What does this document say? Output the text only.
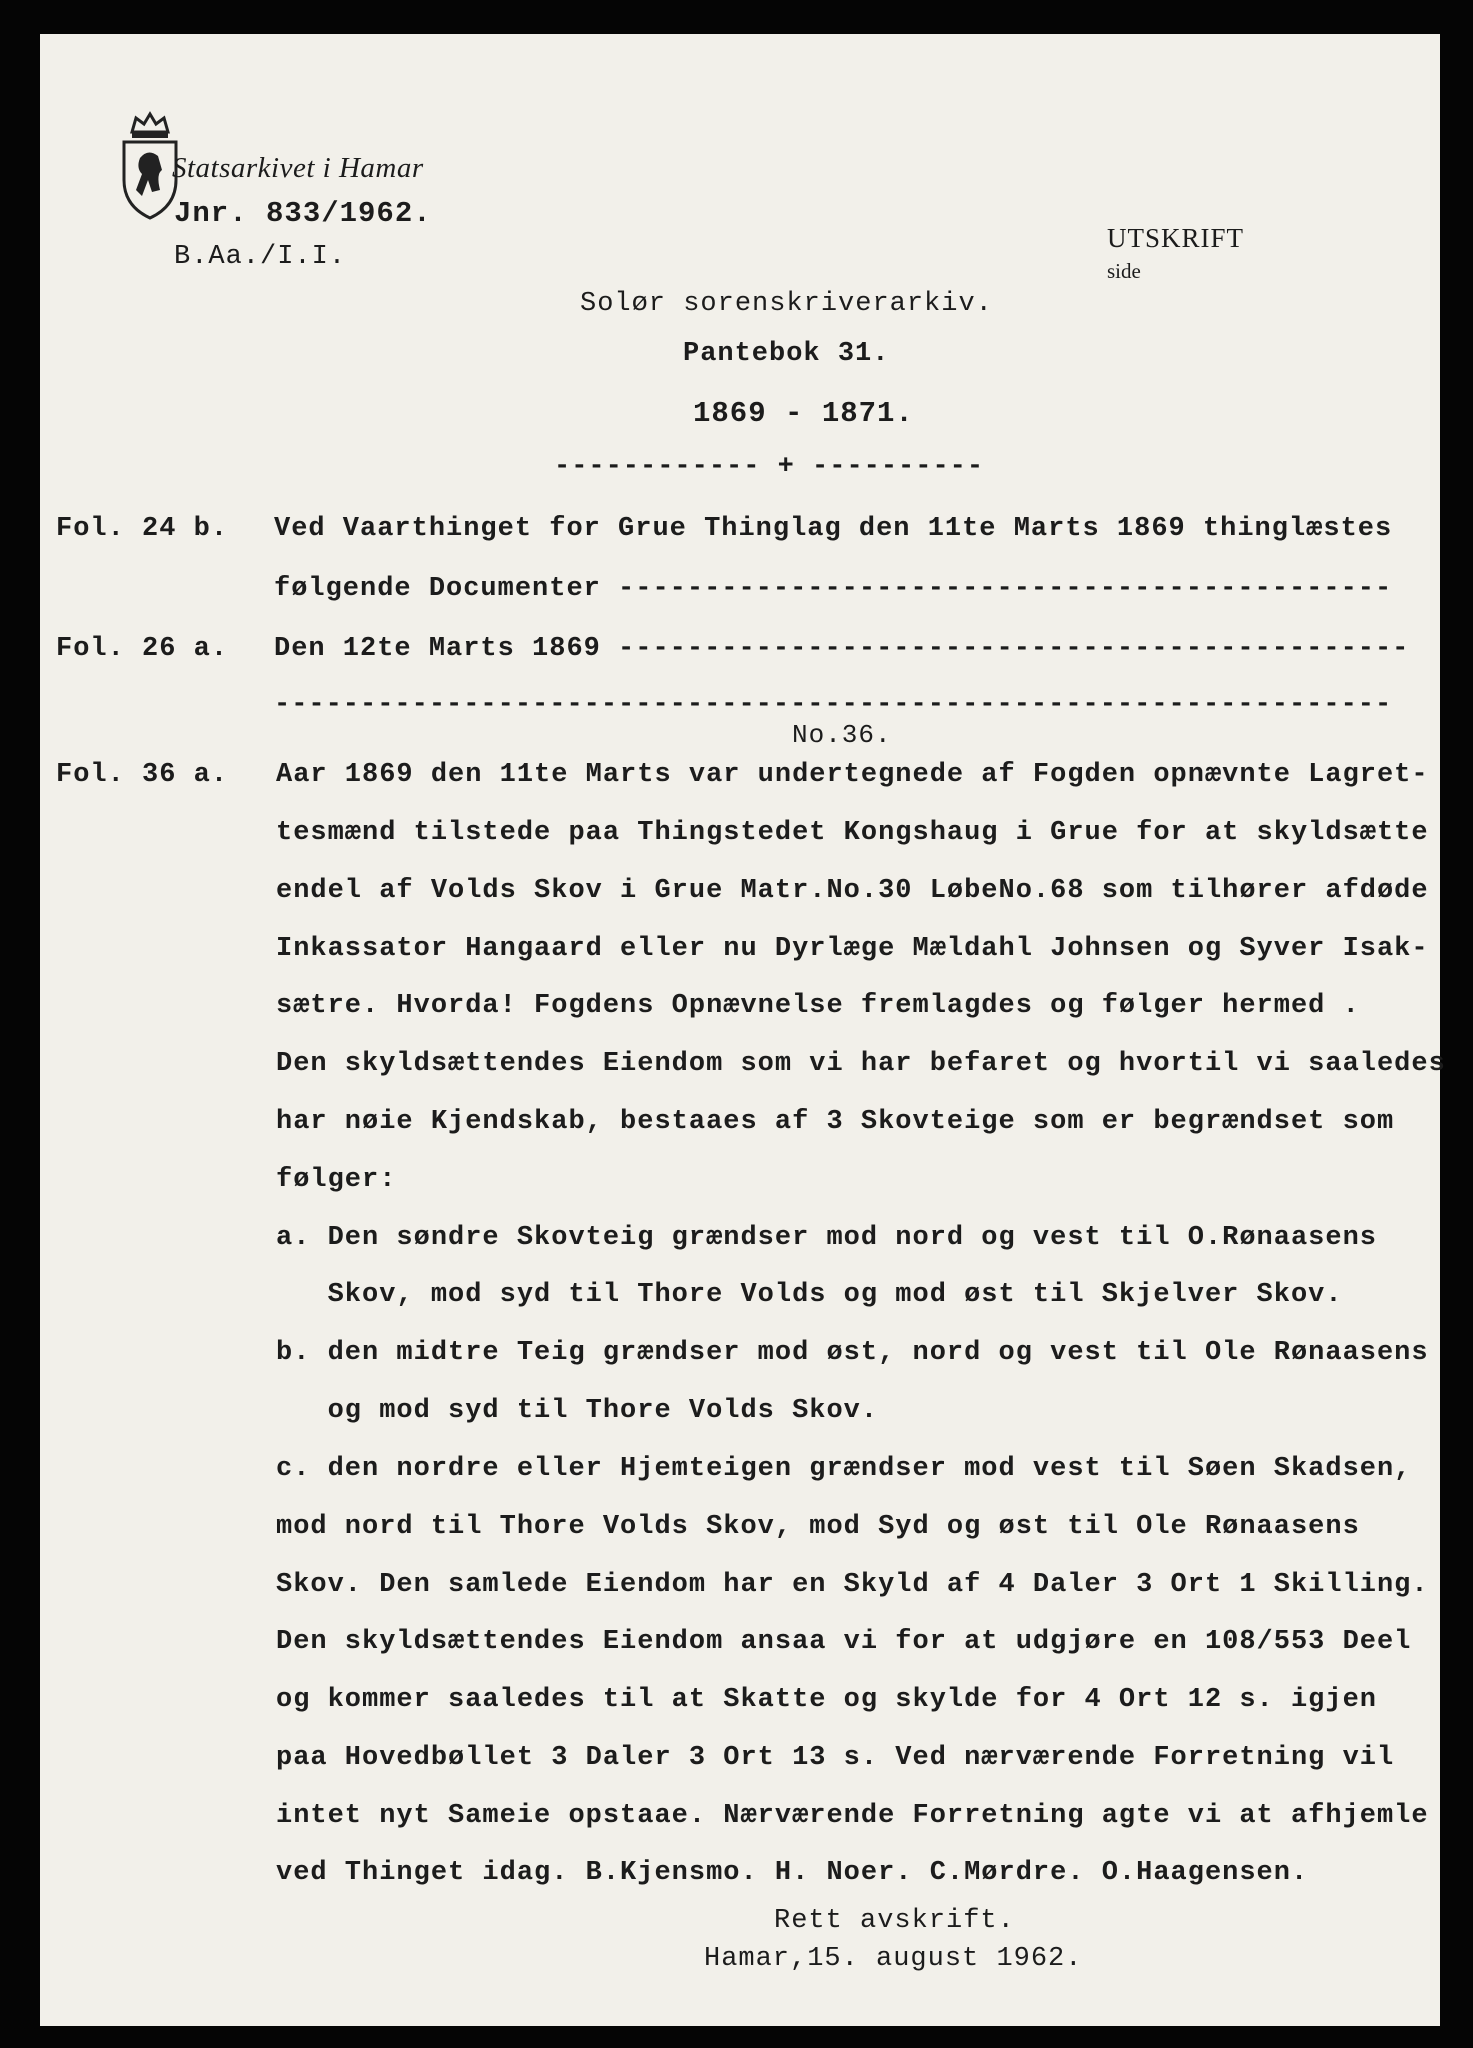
Statsarkivet i Hamar
Jnr. 833/1962.
B.Aa./I.I.

UTSKRIFT
side

Solør sorenskriverarkiv.
Pantebok 31.
1869 - 1871.
------------ + ----------
Fol. 24 b. Ved Vaarthinget for Grue Thinglag den 11te Marts 1869 thinglæstes
følgende Documenter ---------------------------------------------
Fol. 26 a. Den 12te Marts 1869 ----------------------------------------------
-----------------------------------------------------------------
No.36.
Fol. 36 a. Aar 1869 den 11te Marts var undertegnede af Fogden opnævnte Lagret-
tesmænd tilstede paa Thingstedet Kongshaug i Grue for at skyldsætte
endel af Volds Skov i Grue Matr.No.30 LøbeNo.68 som tilhører afdøde
Inkassator Hangaard eller nu Dyrlæge Mældahl Johnsen og Syver Isak-
sætre. Hvorda! Fogdens Opnævnelse fremlagdes og følger hermed .
Den skyldsættendes Eiendom som vi har befaret og hvortil vi saaledes
har nøie Kjendskab, bestaaes af 3 Skovteige som er begrændset som
følger:
a. Den søndre Skovteig grændser mod nord og vest til O.Rønaasens
Skov, mod syd til Thore Volds og mod øst til Skjelver Skov.
b. den midtre Teig grændser mod øst, nord og vest til Ole Rønaasens
og mod syd til Thore Volds Skov.
c. den nordre eller Hjemteigen grændser mod vest til Søen Skadsen,
mod nord til Thore Volds Skov, mod Syd og øst til Ole Rønaasens
Skov. Den samlede Eiendom har en Skyld af 4 Daler 3 Ort 1 Skilling.
Den skyldsættendes Eiendom ansaa vi for at udgjøre en 108/553 Deel
og kommer saaledes til at Skatte og skylde for 4 Ort 12 s. igjen
paa Hovedbøllet 3 Daler 3 Ort 13 s. Ved nærværende Forretning vil
intet nyt Sameie opstaae. Nærværende Forretning agte vi at afhjemle
ved Thinget idag. B.Kjensmo. H. Noer. C.Mørdre. O.Haagensen.
Rett avskrift.
Hamar,15. august 1962.
